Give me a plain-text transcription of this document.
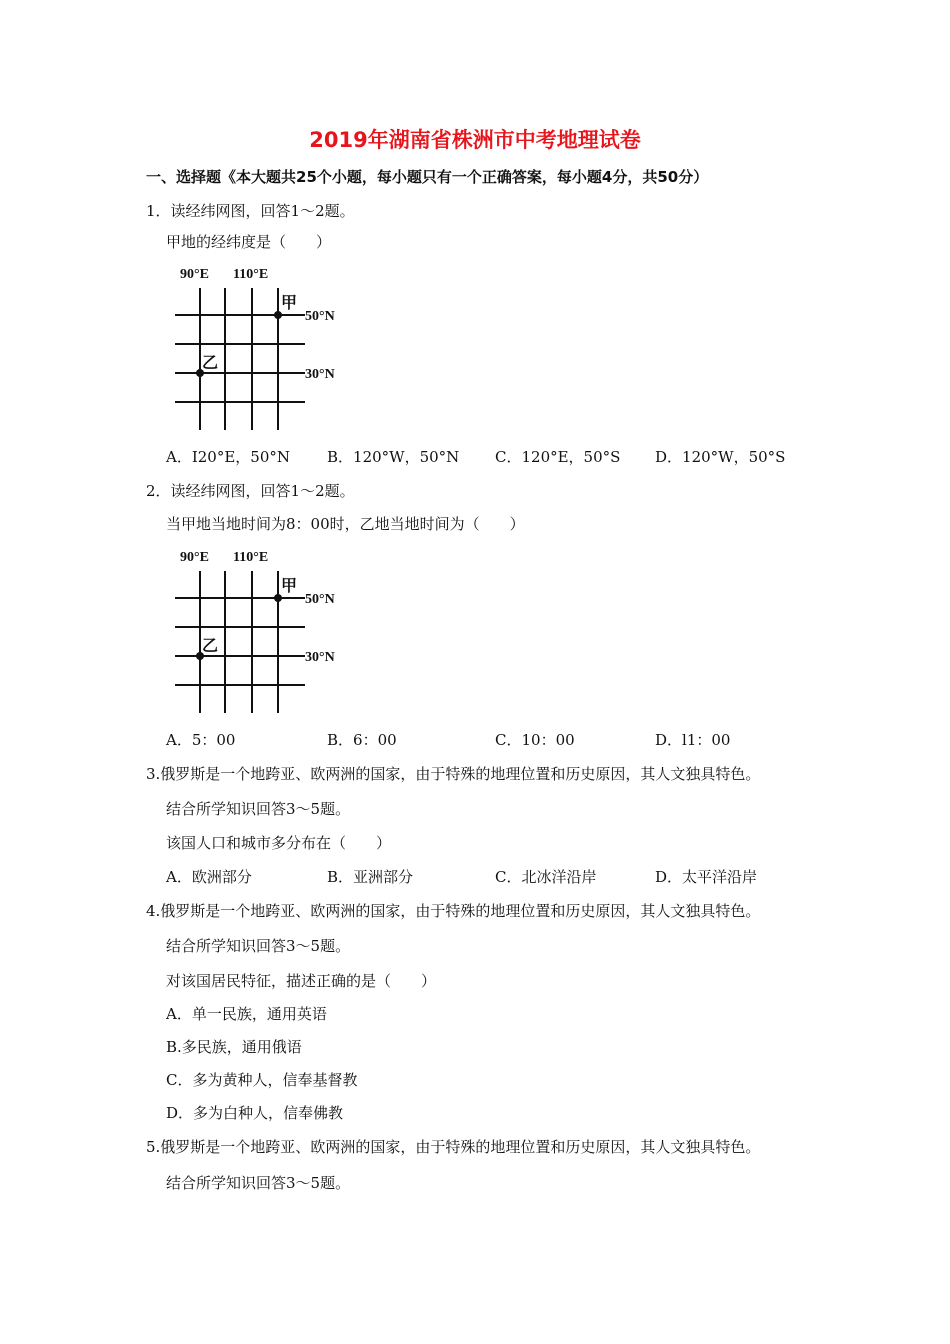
2019年湖南省株洲市中考地理试卷
一、选择题《本大题共25个小题，每小题只有一个正确答案，每小题4分，共50分）
1．读经纬网图，回答1～2题。
甲地的经纬度是（　　）
90°E 110°E
50°N
30°N
甲
乙
A．I20°E，50°N B．120°W，50°N C．120°E，50°S D．120°W，50°S
2．读经纬网图，回答1～2题。
当甲地当地时间为8：00时，乙地当地时间为（　　）
90°E 110°E
50°N
30°N
甲
乙
A．5：00	B．6：00	C．10：00	D．l1：00
3.俄罗斯是一个地跨亚、欧两洲的国家，由于特殊的地理位置和历史原因，其人文独具特色。
结合所学知识回答3～5题。
该国人口和城市多分布在（　　）
A．欧洲部分	B．亚洲部分	C．北冰洋沿岸	D．太平洋沿岸
4.俄罗斯是一个地跨亚、欧两洲的国家，由于特殊的地理位置和历史原因，其人文独具特色。
结合所学知识回答3～5题。
对该国居民特征，描述正确的是（　　）
A．单一民族，通用英语
B.多民族，通用俄语
C．多为黄种人，信奉基督教
D．多为白种人，信奉佛教
5.俄罗斯是一个地跨亚、欧两洲的国家，由于特殊的地理位置和历史原因，其人文独具特色。
结合所学知识回答3～5题。
